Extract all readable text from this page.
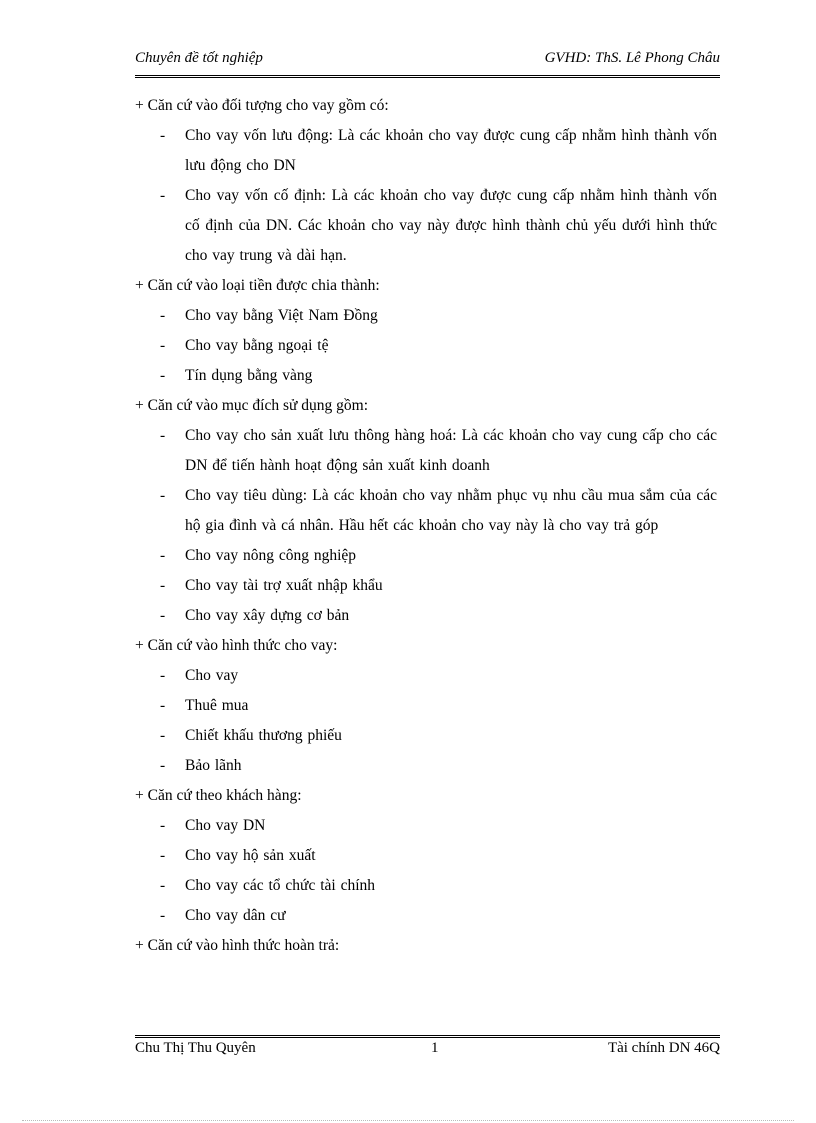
Chuyên đề tốt nghiệp	GVHD: ThS. Lê Phong Châu

+ Căn cứ vào đối tượng cho vay gồm có:

- Cho vay vốn lưu động: Là các khoản cho vay được cung cấp nhằm hình thành vốn lưu động cho DN
- Cho vay vốn cố định: Là các khoản cho vay được cung cấp nhằm hình thành vốn cố định của DN. Các khoản cho vay này được hình thành chủ yếu dưới hình thức cho vay trung và dài hạn.

+ Căn cứ vào loại tiền được chia thành:

- Cho vay bằng Việt Nam Đồng
- Cho vay bằng ngoại tệ
- Tín dụng bằng vàng

+ Căn cứ vào mục đích sử dụng gồm:

- Cho vay cho sản xuất lưu thông hàng hoá: Là các khoản cho vay cung cấp cho các DN để tiến hành hoạt động sản xuất kinh doanh
- Cho vay tiêu dùng: Là các khoản cho vay nhằm phục vụ nhu cầu mua sắm của các hộ gia đình và cá nhân. Hầu hết các khoản cho vay này là cho vay trả góp
- Cho vay nông công nghiệp
- Cho vay tài trợ xuất nhập khẩu
- Cho vay xây dựng cơ bản

+ Căn cứ vào hình thức cho vay:

- Cho vay
- Thuê mua
- Chiết khấu thương phiếu
- Bảo lãnh

+ Căn cứ theo khách hàng:

- Cho vay DN
- Cho vay hộ sản xuất
- Cho vay các tổ chức tài chính
- Cho vay dân cư

+ Căn cứ vào hình thức hoàn trả:

Chu Thị Thu Quyên	1	Tài chính DN 46Q
